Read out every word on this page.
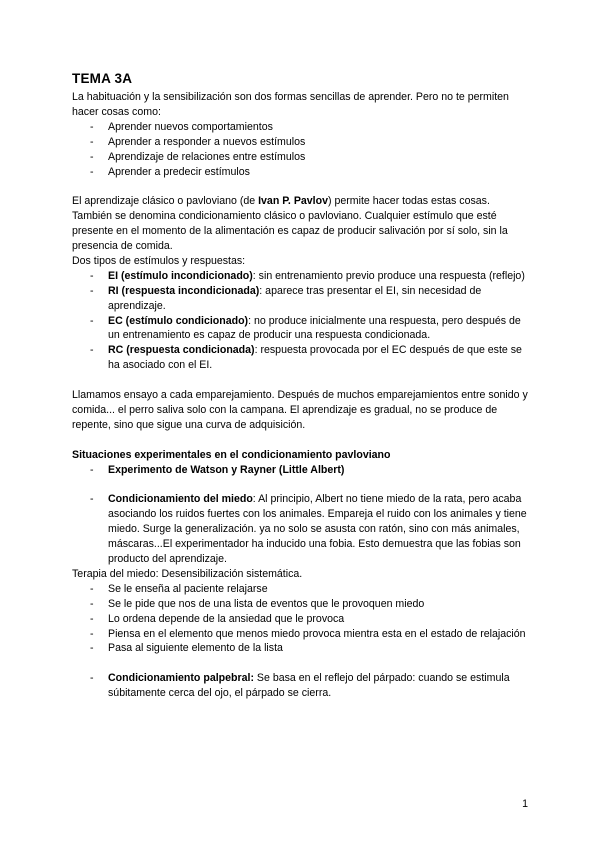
TEMA 3A

La habituación y la sensibilización son dos formas sencillas de aprender. Pero no te permiten hacer cosas como:

- Aprender nuevos comportamientos
- Aprender a responder a nuevos estímulos
- Aprendizaje de relaciones entre estímulos
- Aprender a predecir estímulos

El aprendizaje clásico o pavloviano (de Ivan P. Pavlov) permite hacer todas estas cosas. También se denomina condicionamiento clásico o pavloviano. Cualquier estímulo que esté presente en el momento de la alimentación es capaz de producir salivación por sí solo, sin la presencia de comida.

Dos tipos de estímulos y respuestas:

- EI (estímulo incondicionado): sin entrenamiento previo produce una respuesta (reflejo)
- RI (respuesta incondicionada): aparece tras presentar el EI, sin necesidad de aprendizaje.
- EC (estímulo condicionado): no produce inicialmente una respuesta, pero después de un entrenamiento es capaz de producir una respuesta condicionada.
- RC (respuesta condicionada): respuesta provocada por el EC después de que este se ha asociado con el EI.

Llamamos ensayo a cada emparejamiento. Después de muchos emparejamientos entre sonido y comida... el perro saliva solo con la campana. El aprendizaje es gradual, no se produce de repente, sino que sigue una curva de adquisición.

Situaciones experimentales en el condicionamiento pavloviano

- Experimento de Watson y Rayner (Little Albert)
- Condicionamiento del miedo: Al principio, Albert no tiene miedo de la rata, pero acaba asociando los ruidos fuertes con los animales. Empareja el ruido con los animales y tiene miedo. Surge la generalización. ya no solo se asusta con ratón, sino con más animales, máscaras...El experimentador ha inducido una fobia. Esto demuestra que las fobias son producto del aprendizaje.

Terapia del miedo: Desensibilización sistemática.

- Se le enseña al paciente relajarse
- Se le pide que nos de una lista de eventos que le provoquen miedo
- Lo ordena depende de la ansiedad que le provoca
- Piensa en el elemento que menos miedo provoca mientra esta en el estado de relajación
- Pasa al siguiente elemento de la lista
- Condicionamiento palpebral: Se basa en el reflejo del párpado: cuando se estimula súbitamente cerca del ojo, el párpado se cierra.
1
